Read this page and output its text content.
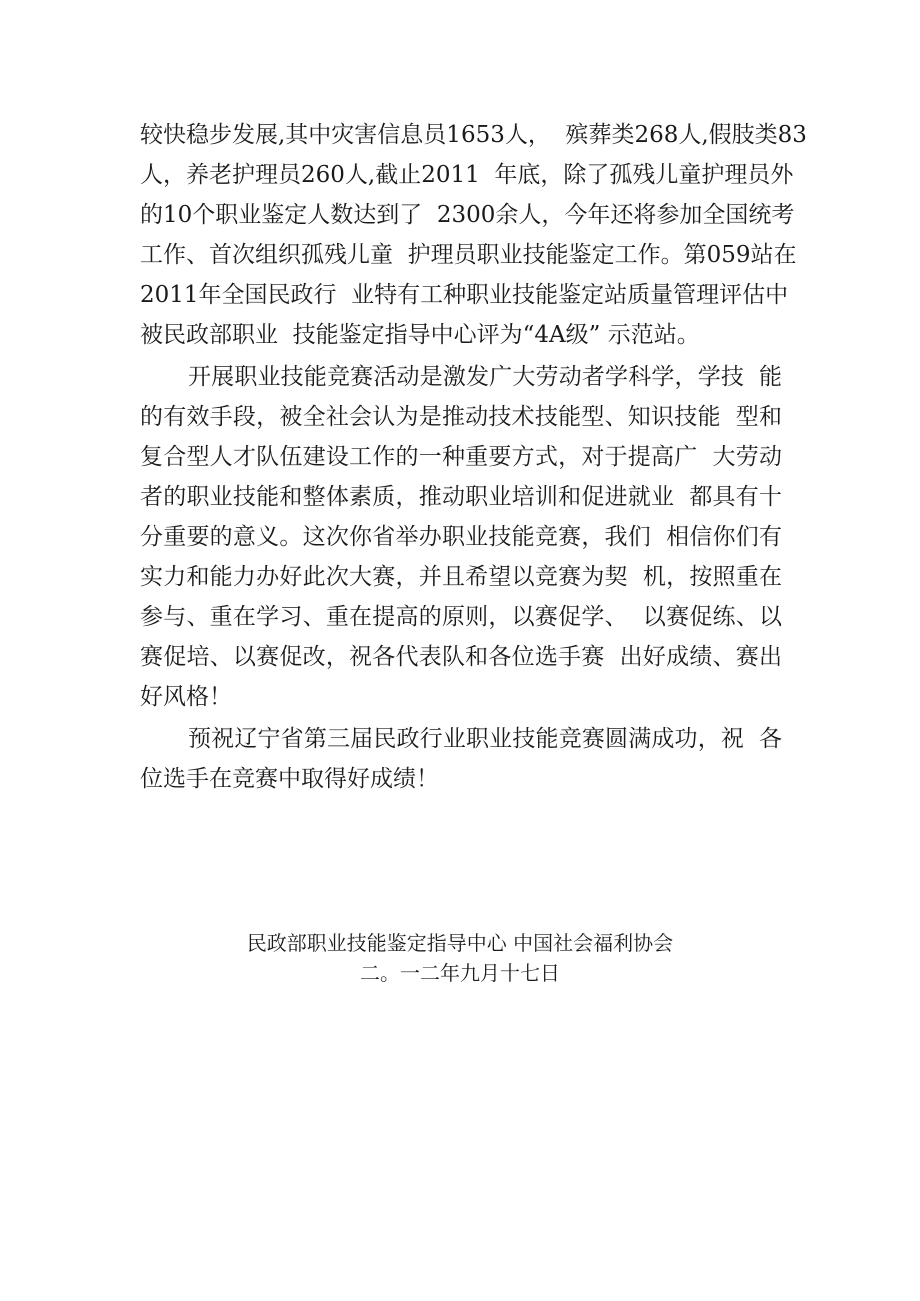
较快稳步发展,其中灾害信息员1653人，  殡葬类268人,假肢类83
人，养老护理员260人,截止2011  年底，除了孤残儿童护理员外
的10个职业鉴定人数达到了  2300余人，今年还将参加全国统考
工作、首次组织孤残儿童  护理员职业技能鉴定工作。第059站在
2011年全国民政行  业特有工种职业技能鉴定站质量管理评估中
被民政部职业  技能鉴定指导中心评为“4A级” 示范站。
开展职业技能竞赛活动是激发广大劳动者学科学，学技  能
的有效手段，被全社会认为是推动技术技能型、知识技能  型和
复合型人才队伍建设工作的一种重要方式，对于提高广  大劳动
者的职业技能和整体素质，推动职业培训和促进就业  都具有十
分重要的意义。这次你省举办职业技能竞赛，我们  相信你们有
实力和能力办好此次大赛，并且希望以竞赛为契  机，按照重在
参与、重在学习、重在提高的原则，以赛促学、  以赛促练、以
赛促培、以赛促改，祝各代表队和各位选手赛  出好成绩、赛出
好风格！
预祝辽宁省第三届民政行业职业技能竞赛圆满成功，祝  各
位选手在竞赛中取得好成绩！
民政部职业技能鉴定指导中心 中国社会福利协会
二。一二年九月十七日
